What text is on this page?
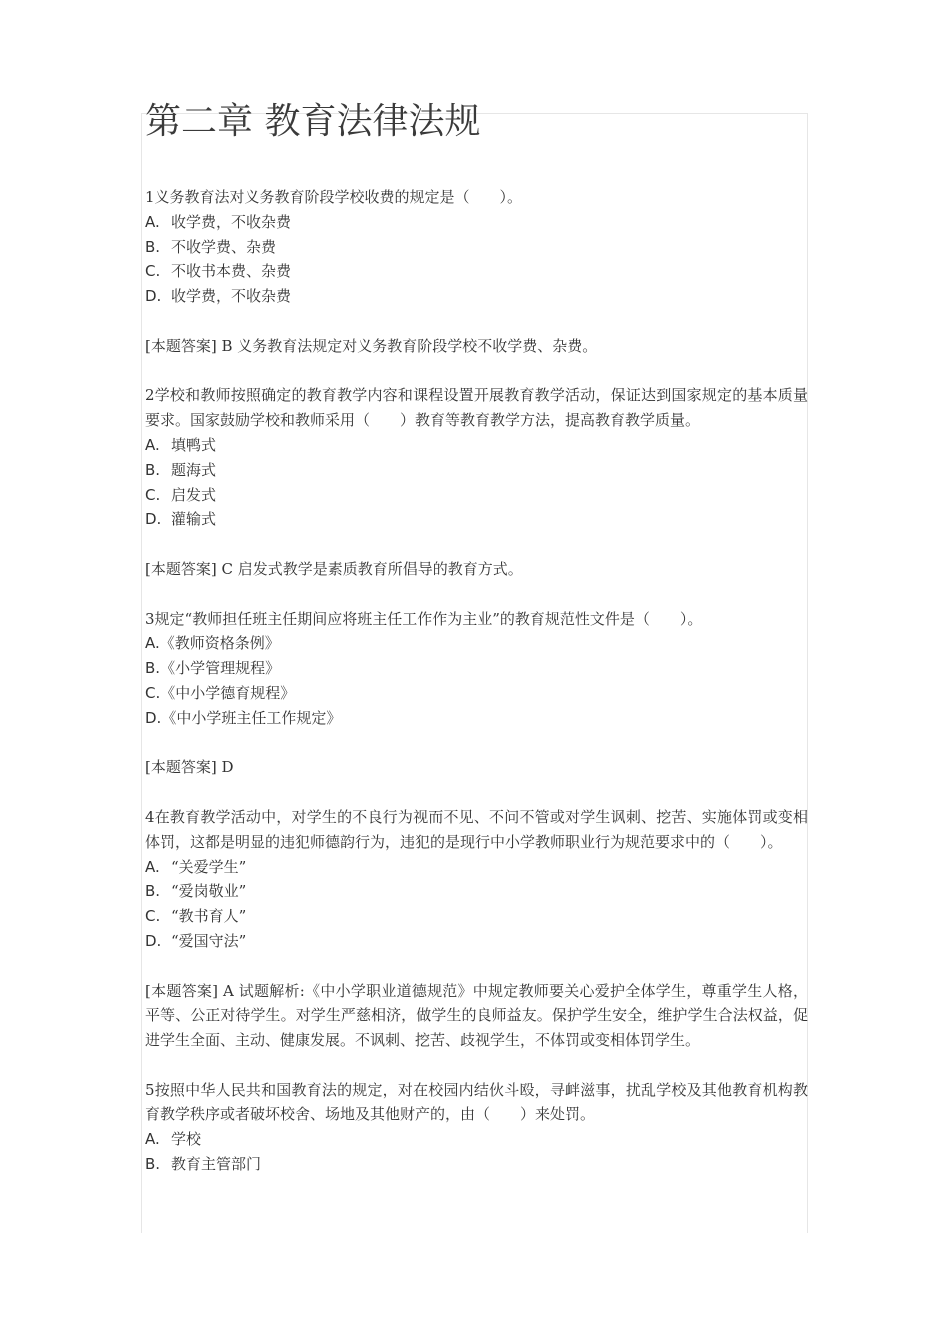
第二章 教育法律法规
1义务教育法对义务教育阶段学校收费的规定是（　　）。
A. 收学费，不收杂费
B. 不收学费、杂费
C. 不收书本费、杂费
D. 收学费，不收杂费
[本题答案] B 义务教育法规定对义务教育阶段学校不收学费、杂费。
2学校和教师按照确定的教育教学内容和课程设置开展教育教学活动，保证达到国家规定的基本质量要求。国家鼓励学校和教师采用（　　）教育等教育教学方法，提高教育教学质量。
A. 填鸭式
B. 题海式
C. 启发式
D. 灌输式
[本题答案] C 启发式教学是素质教育所倡导的教育方式。
3规定“教师担任班主任期间应将班主任工作作为主业”的教育规范性文件是（　　）。
A.《教师资格条例》
B.《小学管理规程》
C.《中小学德育规程》
D.《中小学班主任工作规定》
[本题答案] D
4在教育教学活动中，对学生的不良行为视而不见、不问不管或对学生讽刺、挖苦、实施体罚或变相体罚，这都是明显的违犯师德韵行为，违犯的是现行中小学教师职业行为规范要求中的（　　）。
A. “关爱学生”
B. “爱岗敬业”
C. “教书育人”
D. “爱国守法”
[本题答案] A 试题解析:《中小学职业道德规范》中规定教师要关心爱护全体学生，尊重学生人格，平等、公正对待学生。对学生严慈相济，做学生的良师益友。保护学生安全，维护学生合法权益，促进学生全面、主动、健康发展。不讽刺、挖苦、歧视学生，不体罚或变相体罚学生。
5按照中华人民共和国教育法的规定，对在校园内结伙斗殴，寻衅滋事，扰乱学校及其他教育机构教育教学秩序或者破坏校舍、场地及其他财产的，由（　　）来处罚。
A. 学校
B. 教育主管部门
